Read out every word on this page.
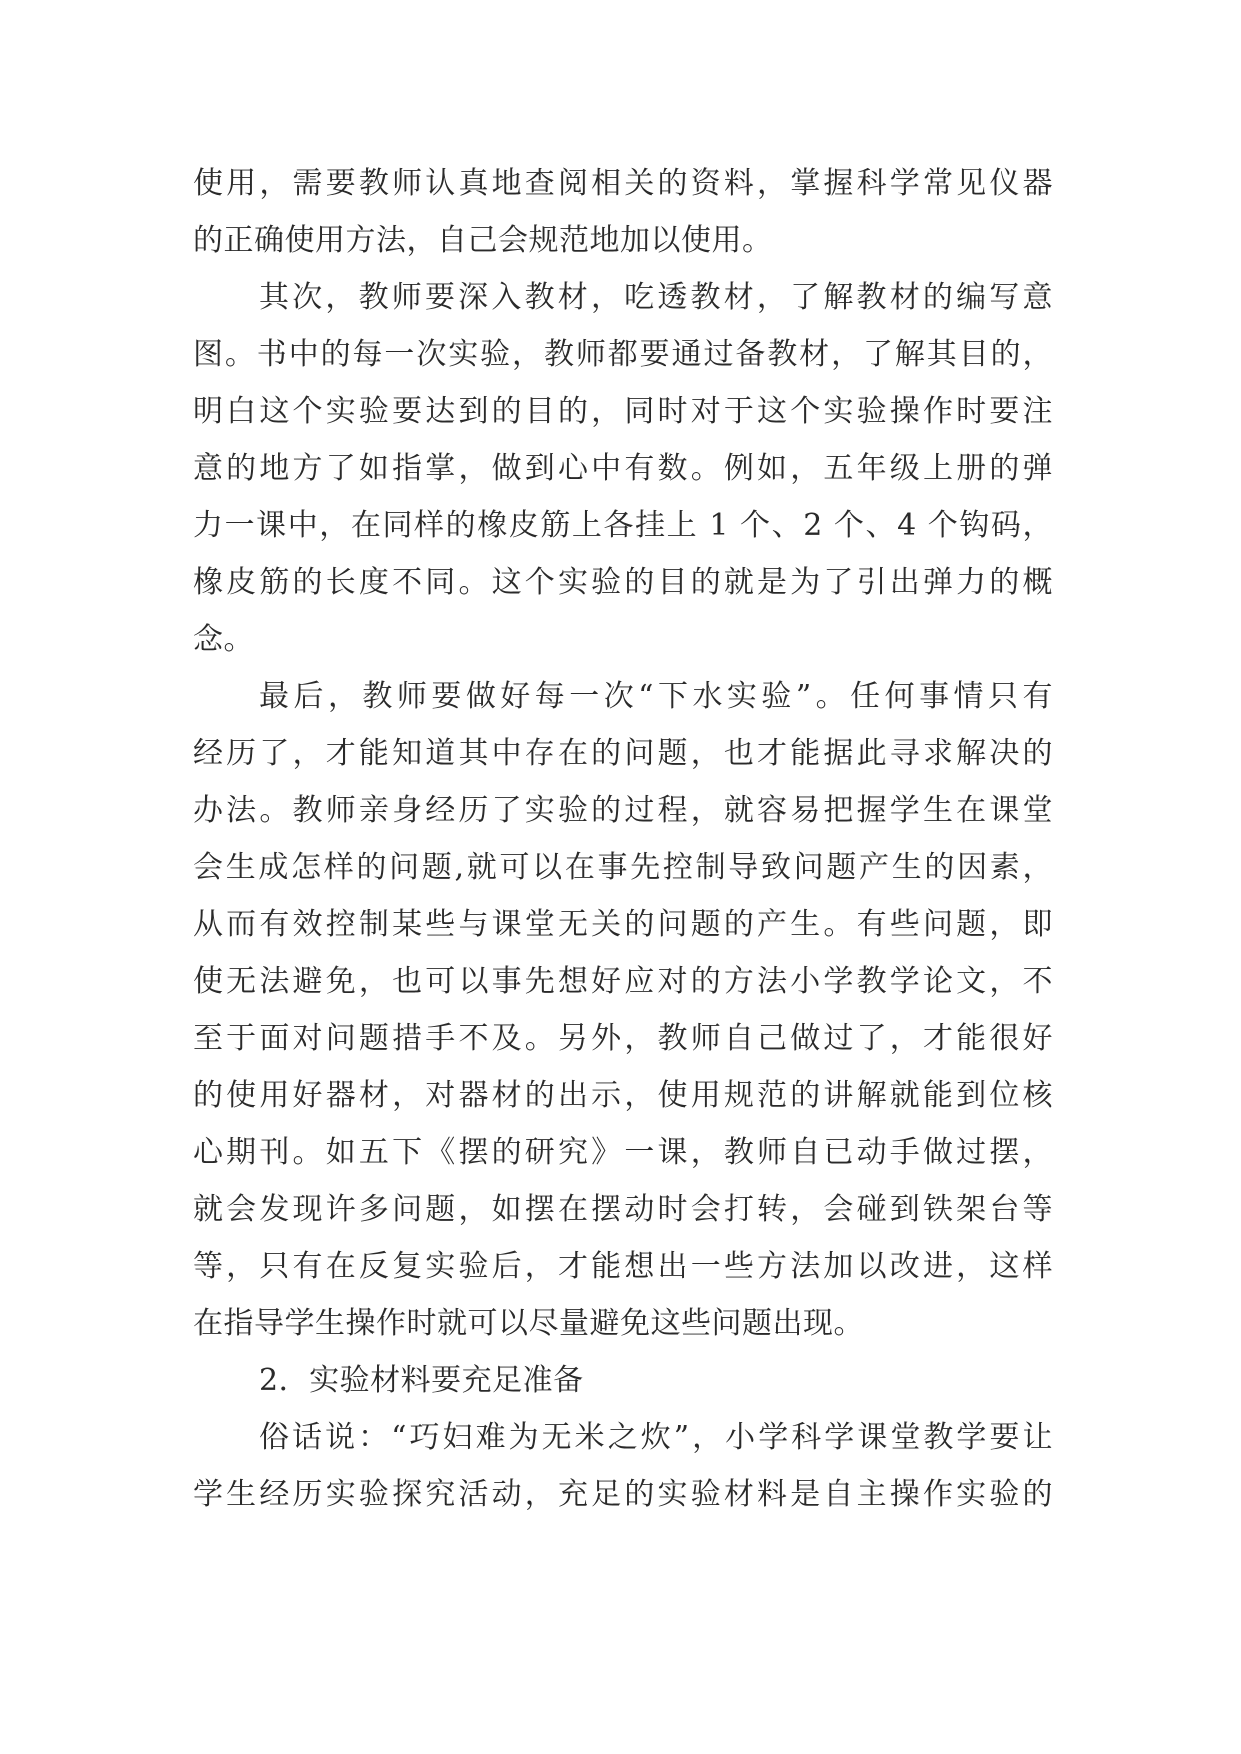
使用，需要教师认真地查阅相关的资料，掌握科学常见仪器
的正确使用方法，自己会规范地加以使用。
其次，教师要深入教材，吃透教材，了解教材的编写意
图。书中的每一次实验，教师都要通过备教材，了解其目的，
明白这个实验要达到的目的，同时对于这个实验操作时要注
意的地方了如指掌，做到心中有数。例如，五年级上册的弹
力一课中，在同样的橡皮筋上各挂上 1 个、2 个、4 个钩码，
橡皮筋的长度不同。这个实验的目的就是为了引出弹力的概
念。
最后，教师要做好每一次“下水实验”。任何事情只有
经历了，才能知道其中存在的问题，也才能据此寻求解决的
办法。教师亲身经历了实验的过程，就容易把握学生在课堂
会生成怎样的问题,就可以在事先控制导致问题产生的因素，
从而有效控制某些与课堂无关的问题的产生。有些问题，即
使无法避免，也可以事先想好应对的方法小学教学论文，不
至于面对问题措手不及。另外，教师自己做过了，才能很好
的使用好器材，对器材的出示，使用规范的讲解就能到位核
心期刊。如五下《摆的研究》一课，教师自已动手做过摆，
就会发现许多问题，如摆在摆动时会打转，会碰到铁架台等
等，只有在反复实验后，才能想出一些方法加以改进，这样
在指导学生操作时就可以尽量避免这些问题出现。
2．实验材料要充足准备
俗话说：“巧妇难为无米之炊”，小学科学课堂教学要让
学生经历实验探究活动，充足的实验材料是自主操作实验的
